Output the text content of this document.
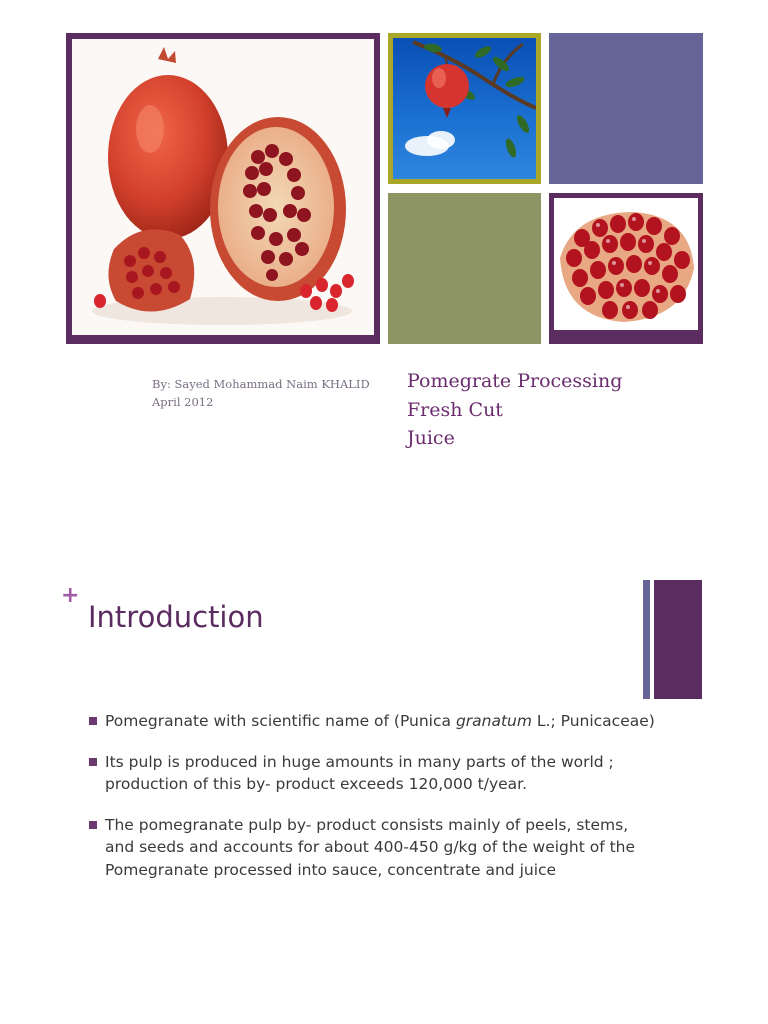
By: Sayed Mohammad Naim KHALID
April 2012
Pomegrate Processing
Fresh Cut
Juice
+
Introduction
Pomegranate with scientific name of (Punica granatum L.; Punicaceae)
Its pulp is produced in huge amounts in many parts of the world ; production of this by- product exceeds 120,000 t/year.
The pomegranate pulp by- product consists mainly of peels, stems, and seeds and accounts for about 400-450 g/kg of the weight of the Pomegranate processed into sauce, concentrate and juice
